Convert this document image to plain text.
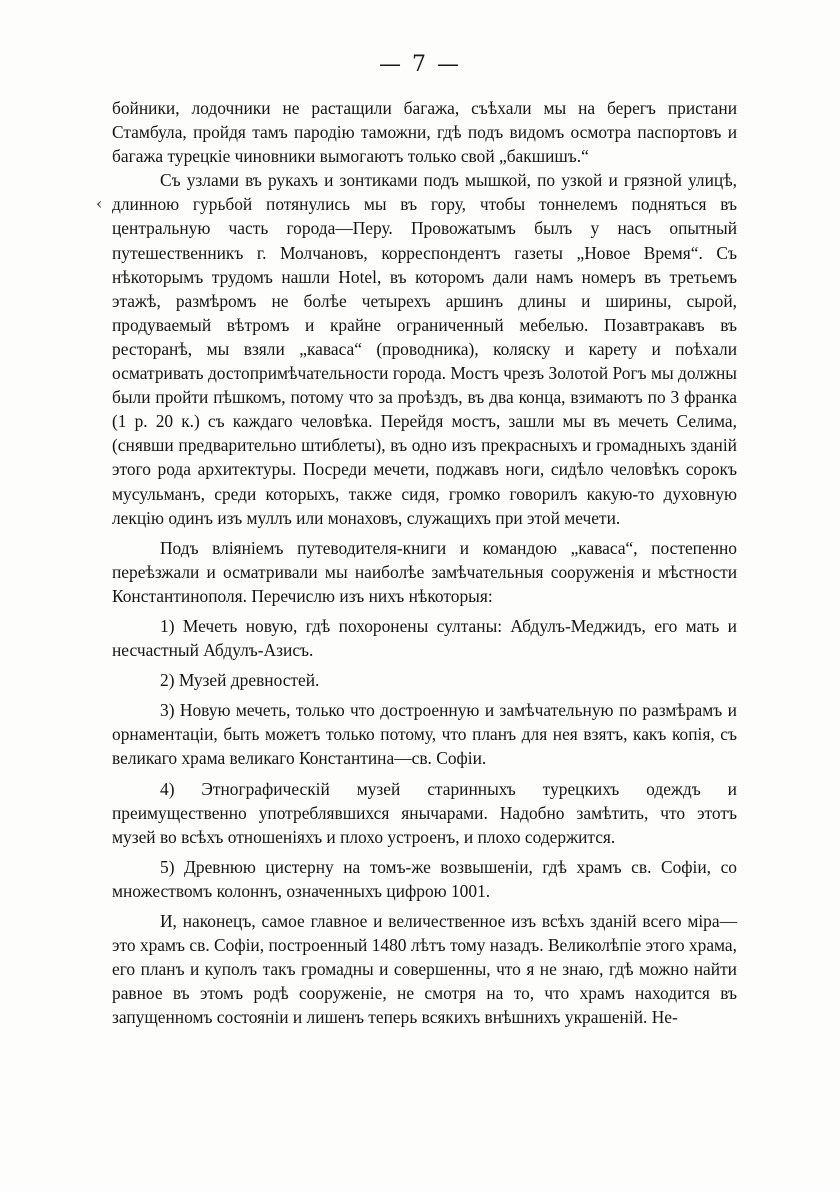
— 7 —
‹

бойники, лодочники не растащили багажа, съѣхали мы на берегъ пристани Стамбула, пройдя тамъ пародію таможни, гдѣ подъ видомъ осмотра паспортовъ и багажа турецкіе чиновники вымогаютъ только свой „бакшишъ.“

Съ узлами въ рукахъ и зонтиками подъ мышкой, по узкой и грязной улицѣ, длинною гурьбой потянулись мы въ гору, чтобы тоннелемъ подняться въ центральную часть города—Перу. Провожатымъ былъ у насъ опытный путешественникъ г. Молчановъ, корреспондентъ газеты „Новое Время“. Съ нѣкоторымъ трудомъ нашли Hotel, въ которомъ дали намъ номеръ въ третьемъ этажѣ, размѣромъ не болѣе четырехъ аршинъ длины и ширины, сырой, продуваемый вѣтромъ и крайне ограниченный мебелью. Позавтракавъ въ ресторанѣ, мы взяли „каваса“ (проводника), коляску и карету и поѣхали осматривать достопримѣчательности города. Мостъ чрезъ Золотой Рогъ мы должны были пройти пѣшкомъ, потому что за проѣздъ, въ два конца, взимаютъ по 3 франка (1 р. 20 к.) съ каждаго человѣка. Перейдя мостъ, зашли мы въ мечеть Селима, (снявши предварительно штиблеты), въ одно изъ прекрасныхъ и громадныхъ зданій этого рода архитектуры. Посреди мечети, поджавъ ноги, сидѣло человѣкъ сорокъ мусульманъ, среди которыхъ, также сидя, громко говорилъ какую-то духовную лекцію одинъ изъ муллъ или монаховъ, служащихъ при этой мечети.

Подъ вліяніемъ путеводителя-книги и командою „каваса“, постепенно переѣзжали и осматривали мы наиболѣе замѣчательныя сооруженія и мѣстности Константинополя. Перечислю изъ нихъ нѣкоторыя:

1) Мечеть новую, гдѣ похоронены султаны: Абдулъ-Меджидъ, его мать и несчастный Абдулъ-Азисъ.

2) Музей древностей.

3) Новую мечеть, только что достроенную и замѣчательную по размѣрамъ и орнаментаціи, быть можетъ только потому, что планъ для нея взятъ, какъ копія, съ великаго храма великаго Константина—св. Софіи.

4) Этнографическій музей старинныхъ турецкихъ одеждъ и преимущественно употреблявшихся янычарами. Надобно замѣтить, что этотъ музей во всѣхъ отношеніяхъ и плохо устроенъ, и плохо содержится.

5) Древнюю цистерну на томъ-же возвышеніи, гдѣ храмъ св. Софіи, со множествомъ колоннъ, означенныхъ цифрою 1001.

И, наконецъ, самое главное и величественное изъ всѣхъ зданій всего міра—это храмъ св. Софіи, построенный 1480 лѣтъ тому назадъ. Великолѣпіе этого храма, его планъ и куполъ такъ громадны и совершенны, что я не знаю, гдѣ можно найти равное въ этомъ родѣ сооруженіе, не смотря на то, что храмъ находится въ запущенномъ состояніи и лишенъ теперь всякихъ внѣшнихъ украшеній. Не-
